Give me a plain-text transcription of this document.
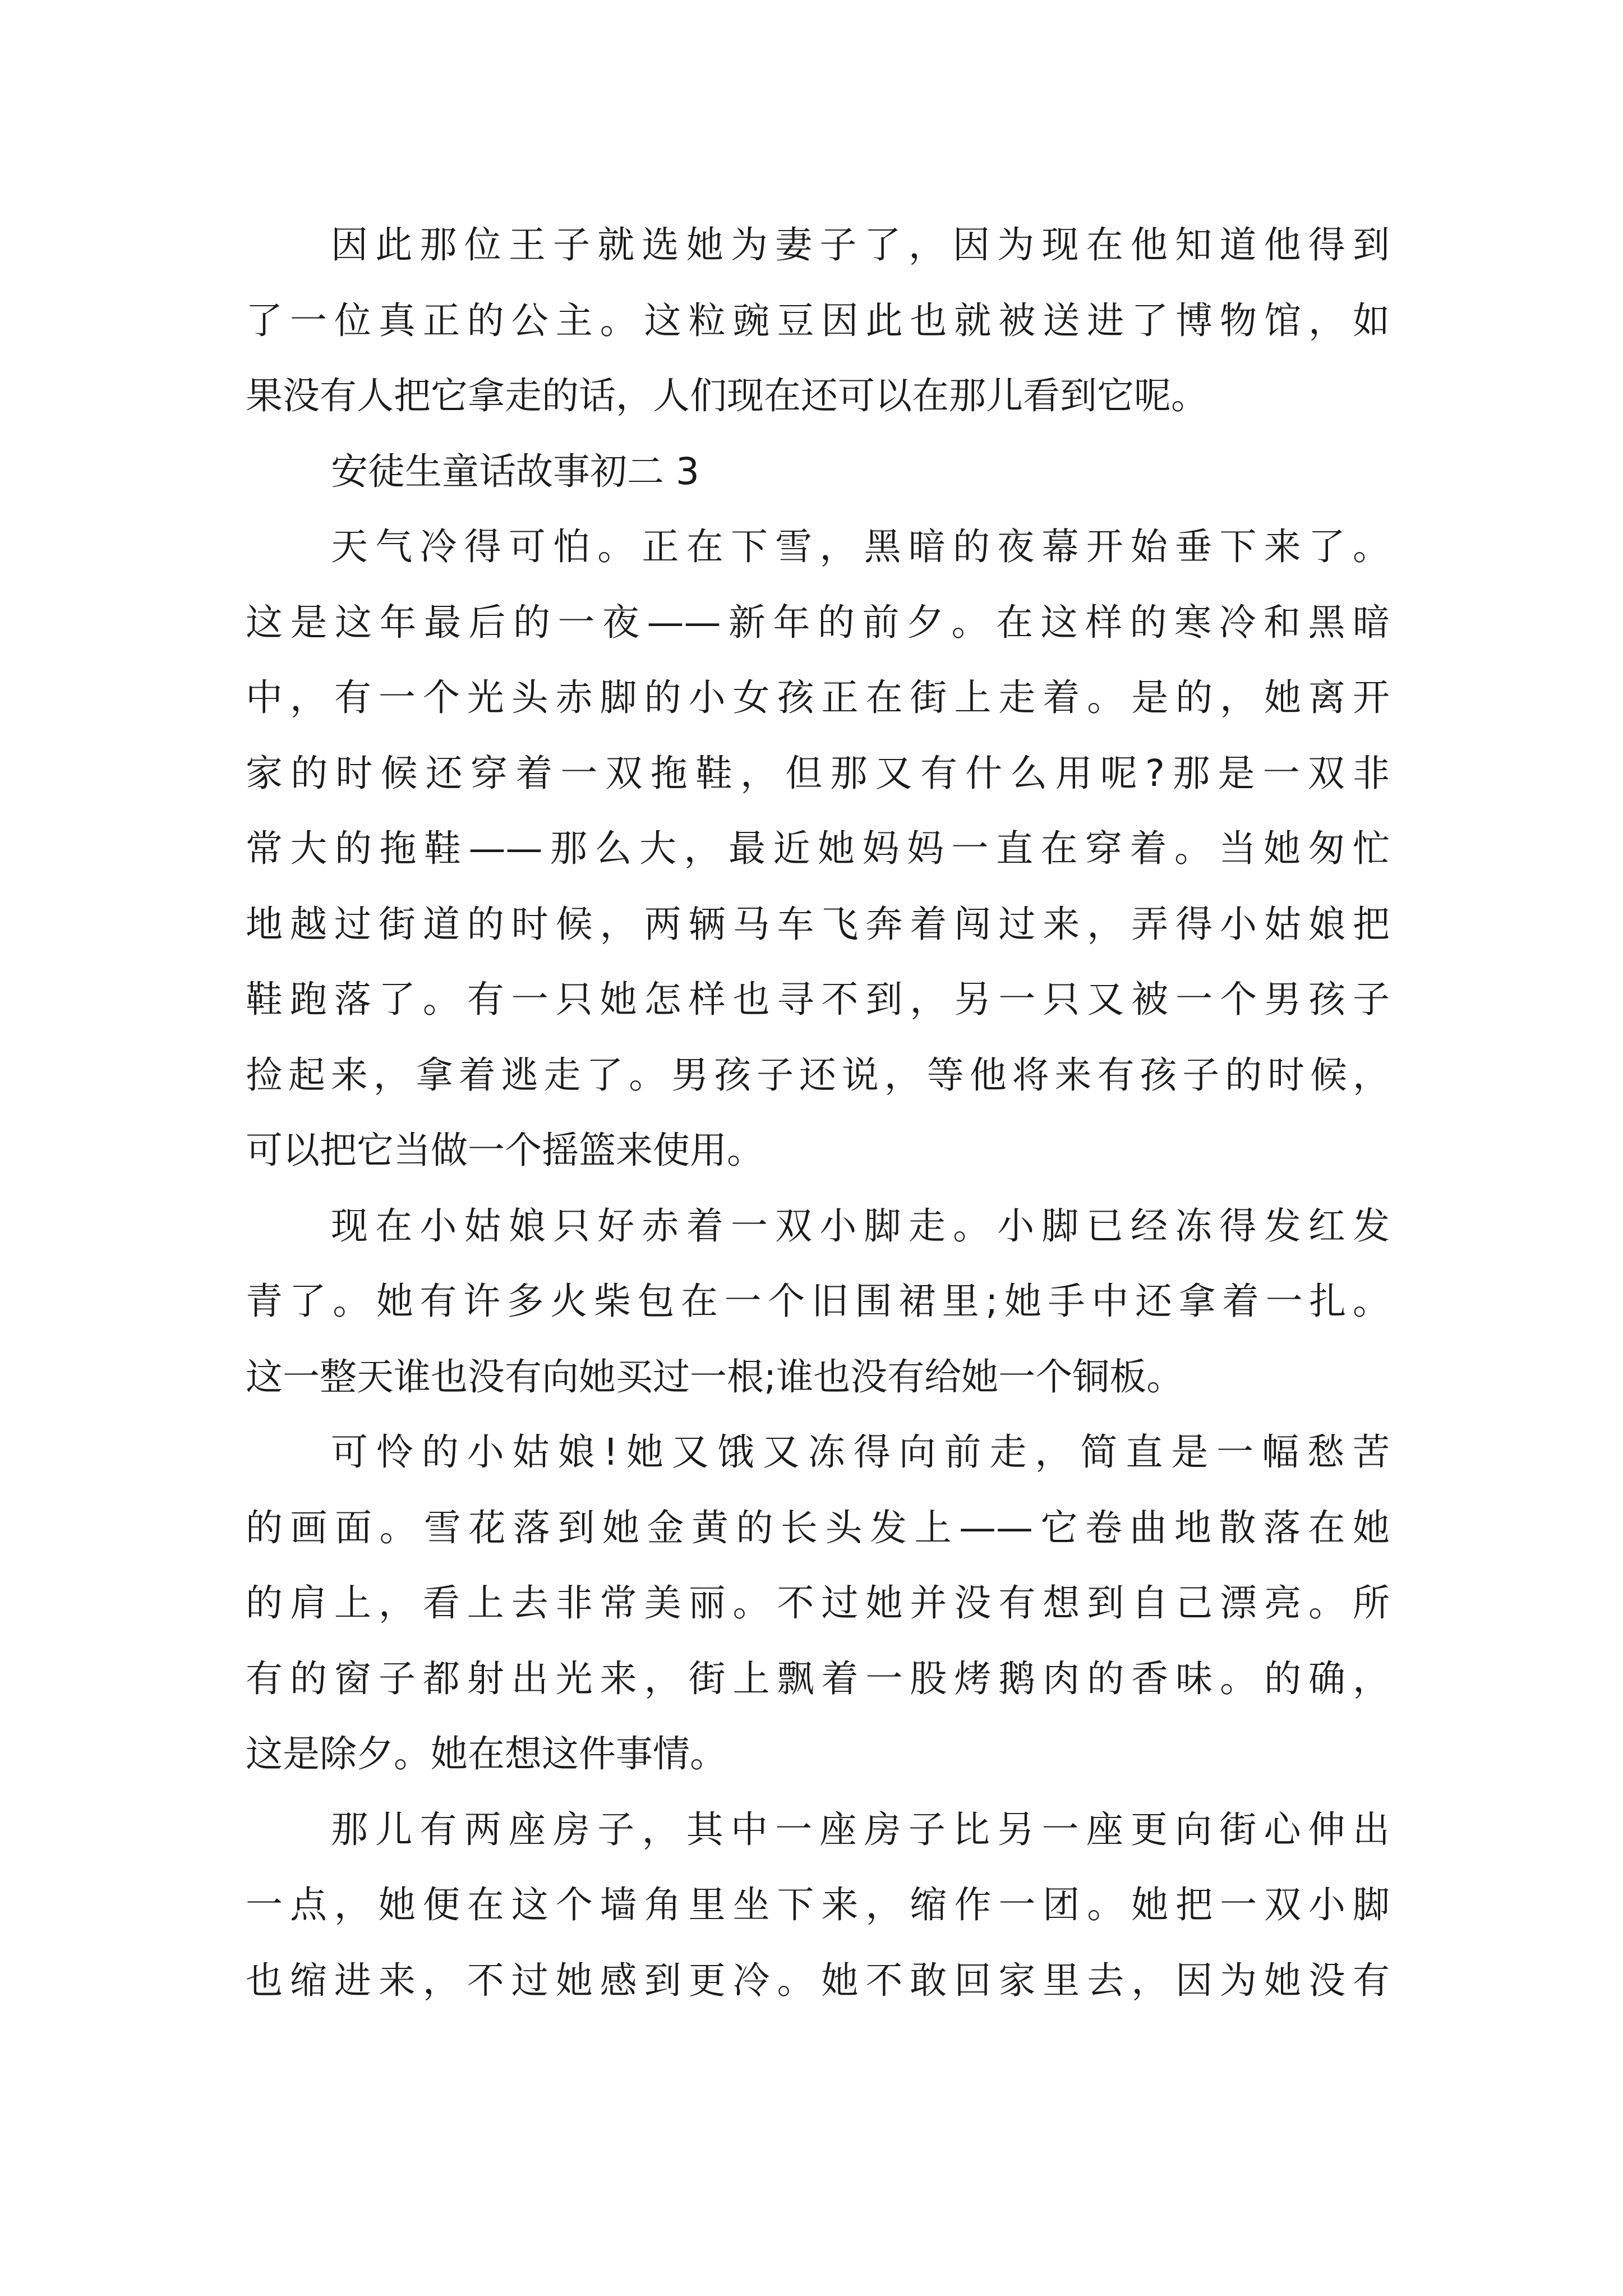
因此那位王子就选她为妻子了，因为现在他知道他得到
了一位真正的公主。这粒豌豆因此也就被送进了博物馆，如
果没有人把它拿走的话，人们现在还可以在那儿看到它呢。
安徒生童话故事初二 3
天气冷得可怕。正在下雪，黑暗的夜幕开始垂下来了。
这是这年最后的一夜——新年的前夕。在这样的寒冷和黑暗
中，有一个光头赤脚的小女孩正在街上走着。是的，她离开
家的时候还穿着一双拖鞋，但那又有什么用呢?那是一双非
常大的拖鞋——那么大，最近她妈妈一直在穿着。当她匆忙
地越过街道的时候，两辆马车飞奔着闯过来，弄得小姑娘把
鞋跑落了。有一只她怎样也寻不到，另一只又被一个男孩子
捡起来，拿着逃走了。男孩子还说，等他将来有孩子的时候，
可以把它当做一个摇篮来使用。
现在小姑娘只好赤着一双小脚走。小脚已经冻得发红发
青了。她有许多火柴包在一个旧围裙里;她手中还拿着一扎。
这一整天谁也没有向她买过一根;谁也没有给她一个铜板。
可怜的小姑娘!她又饿又冻得向前走，简直是一幅愁苦
的画面。雪花落到她金黄的长头发上——它卷曲地散落在她
的肩上，看上去非常美丽。不过她并没有想到自己漂亮。所
有的窗子都射出光来，街上飘着一股烤鹅肉的香味。的确，
这是除夕。她在想这件事情。
那儿有两座房子，其中一座房子比另一座更向街心伸出
一点，她便在这个墙角里坐下来，缩作一团。她把一双小脚
也缩进来，不过她感到更冷。她不敢回家里去，因为她没有
